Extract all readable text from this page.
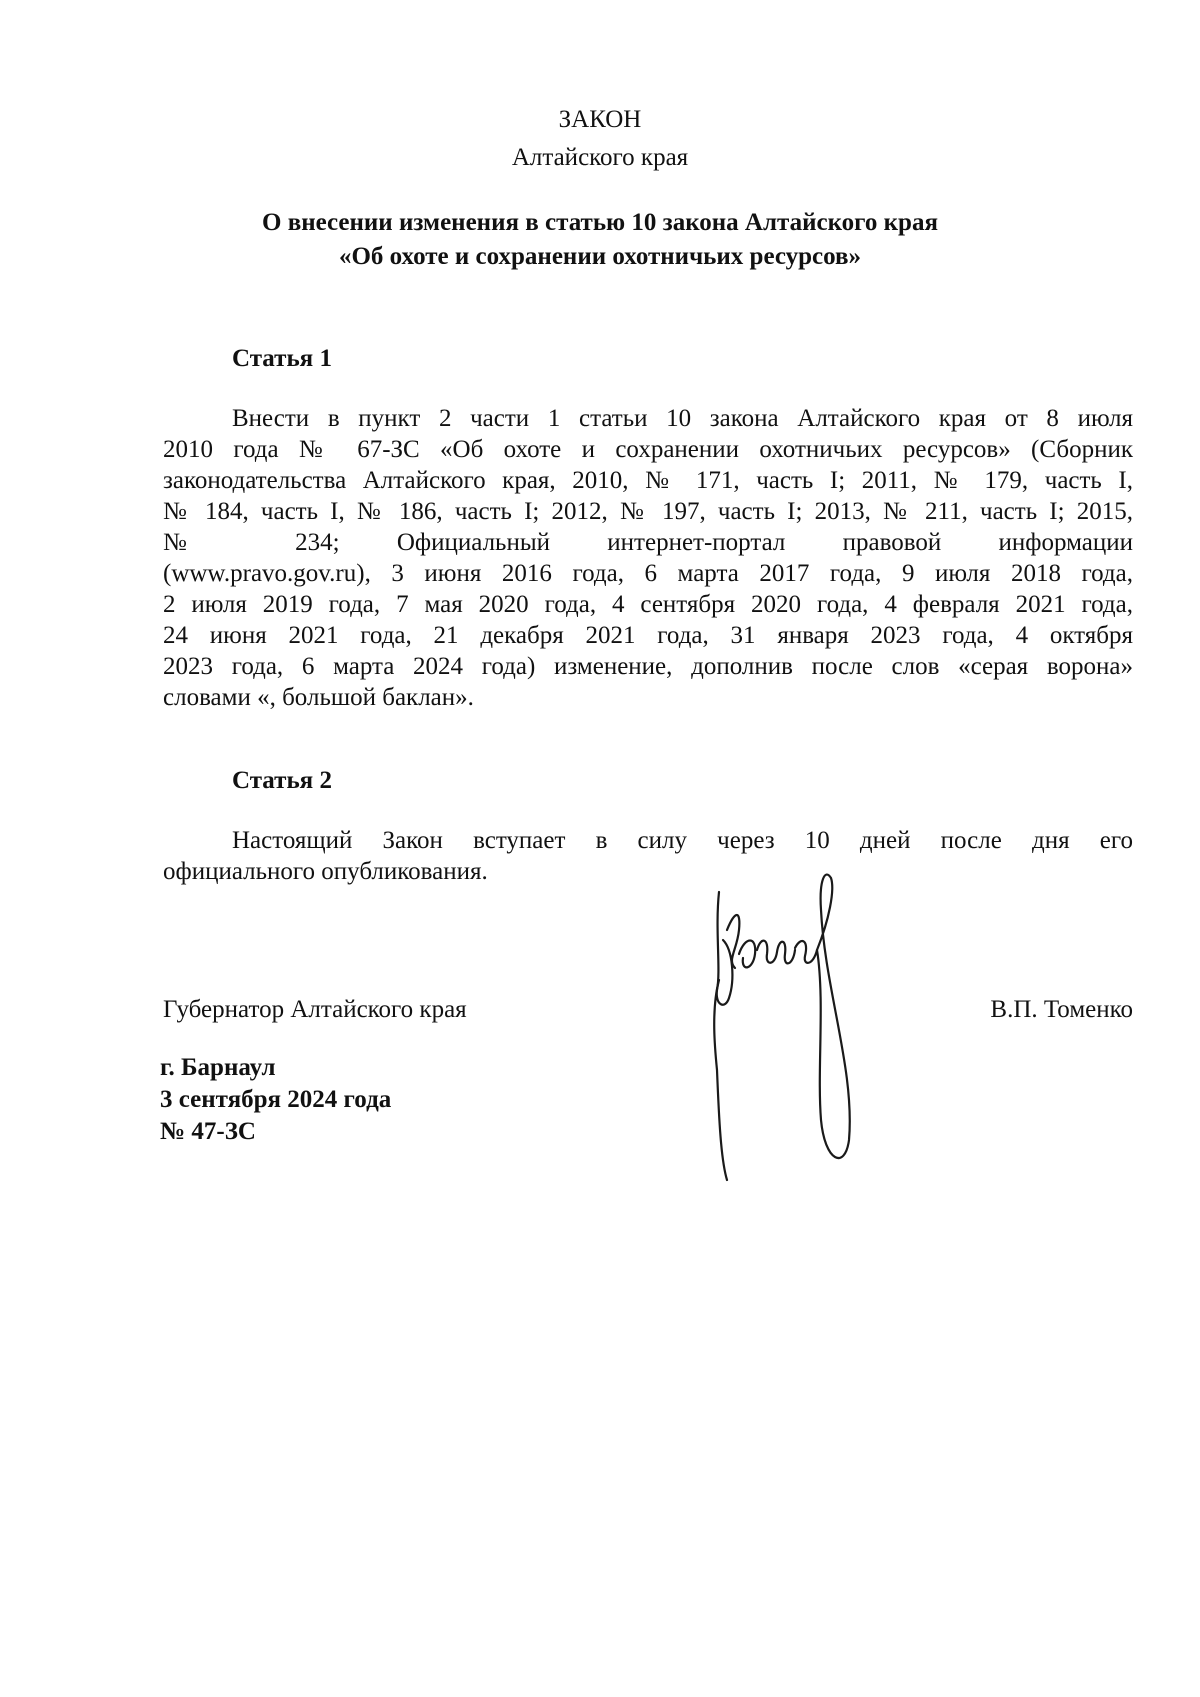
ЗАКОН
Алтайского края
О внесении изменения в статью 10 закона Алтайского края
«Об охоте и сохранении охотничьих ресурсов»
Статья 1
Внести в пункт 2 части 1 статьи 10 закона Алтайского края от 8 июля
2010 года № 67-ЗС «Об охоте и сохранении охотничьих ресурсов» (Сборник
законодательства Алтайского края, 2010, № 171, часть I; 2011, № 179, часть I,
№ 184, часть I, № 186, часть I; 2012, № 197, часть I; 2013, № 211, часть I; 2015,
№ 234; Официальный интернет-портал правовой информации
(www.pravo.gov.ru), 3 июня 2016 года, 6 марта 2017 года, 9 июля 2018 года,
2 июля 2019 года, 7 мая 2020 года, 4 сентября 2020 года, 4 февраля 2021 года,
24 июня 2021 года, 21 декабря 2021 года, 31 января 2023 года, 4 октября
2023 года, 6 марта 2024 года) изменение, дополнив после слов «серая ворона»
словами «, большой баклан».
Статья 2
Настоящий Закон вступает в силу через 10 дней после дня его
официального опубликования.
Губернатор Алтайского края	В.П. Томенко
г. Барнаул
3 сентября 2024 года
№ 47-ЗС
